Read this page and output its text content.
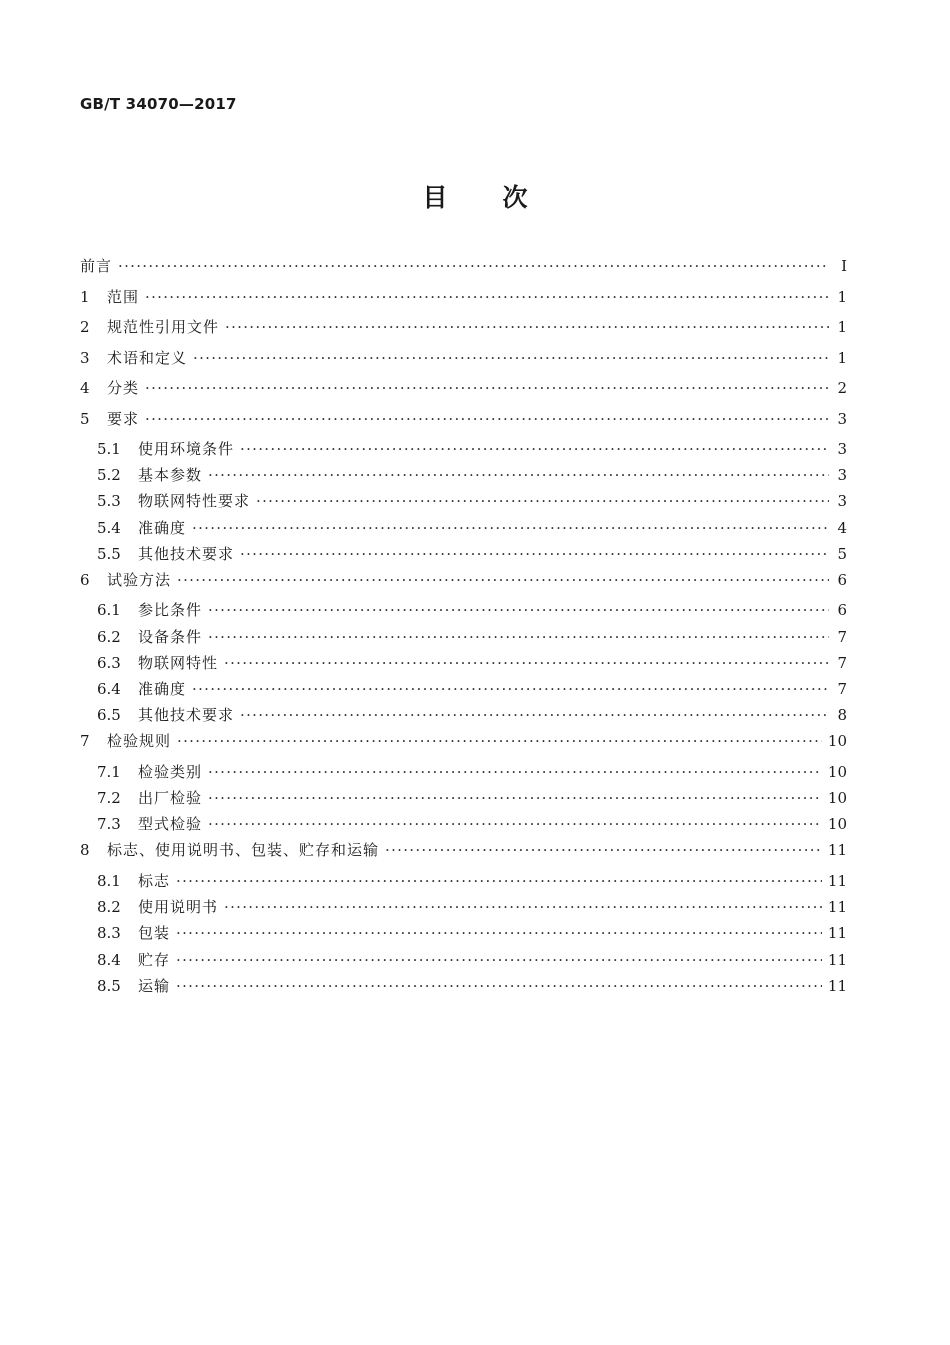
GB/T 34070—2017
目 次
前言 ·····	Ⅰ
1	范围 ·····	1
2	规范性引用文件 ·····	1
3	术语和定义 ·····	1
4	分类 ·····	2
5	要求 ·····	3
5.1	使用环境条件 ·····	3
5.2	基本参数 ·····	3
5.3	物联网特性要求 ·····	3
5.4	准确度 ·····	4
5.5	其他技术要求 ·····	5
6	试验方法 ·····	6
6.1	参比条件 ·····	6
6.2	设备条件 ·····	7
6.3	物联网特性 ·····	7
6.4	准确度 ·····	7
6.5	其他技术要求 ·····	8
7	检验规则 ·····	10
7.1	检验类别 ·····	10
7.2	出厂检验 ·····	10
7.3	型式检验 ·····	10
8	标志、使用说明书、包装、贮存和运输 ·····	11
8.1	标志 ·····	11
8.2	使用说明书 ·····	11
8.3	包装 ·····	11
8.4	贮存 ·····	11
8.5	运输 ·····	11
